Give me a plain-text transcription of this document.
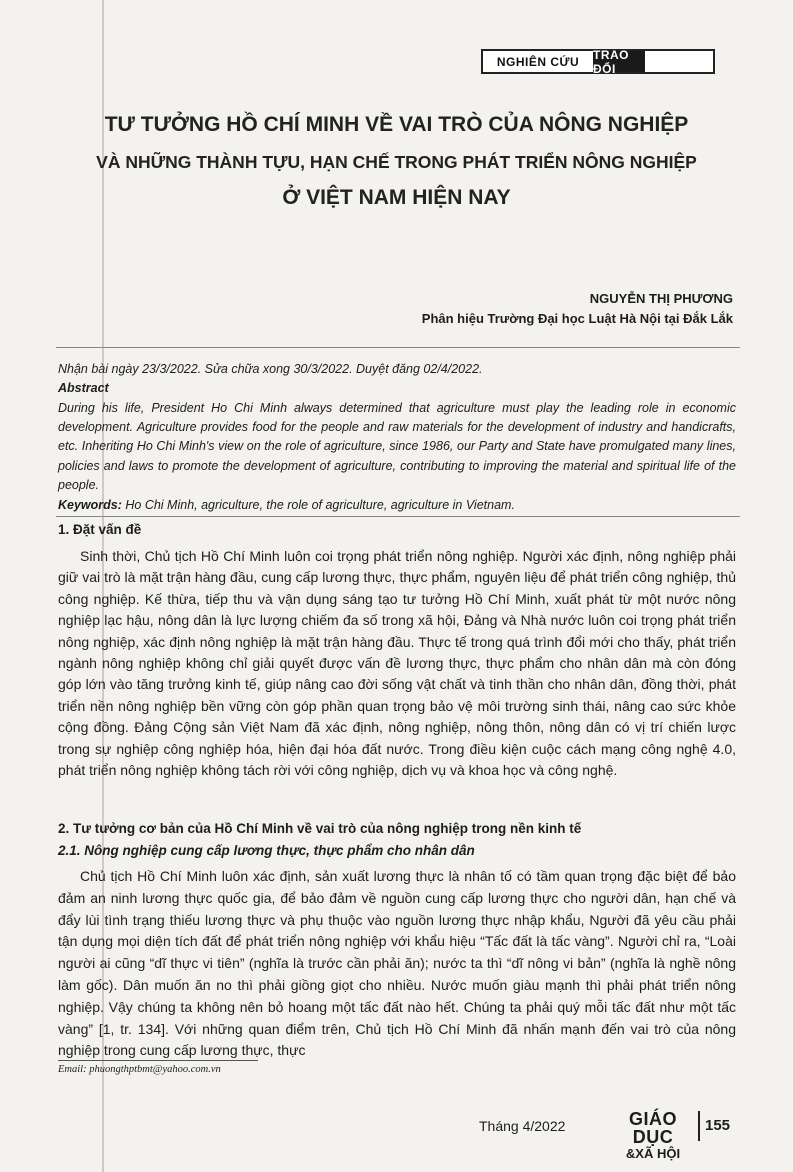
NGHIÊN CỨU	TRAO ĐỔI
TƯ TƯỞNG HỒ CHÍ MINH VỀ VAI TRÒ CỦA NÔNG NGHIỆP
VÀ NHỮNG THÀNH TỰU, HẠN CHẾ TRONG PHÁT TRIỂN NÔNG NGHIỆP
Ở VIỆT NAM HIỆN NAY
NGUYỄN THỊ PHƯƠNG
Phân hiệu Trường Đại học Luật Hà Nội tại Đắk Lắk
Nhận bài ngày 23/3/2022. Sửa chữa xong 30/3/2022. Duyệt đăng 02/4/2022.
Abstract

During his life, President Ho Chi Minh always determined that agriculture must play the leading role in economic development. Agriculture provides food for the people and raw materials for the development of industry and handicrafts, etc. Inheriting Ho Chi Minh's view on the role of agriculture, since 1986, our Party and State have promulgated many lines, policies and laws to promote the development of agriculture, contributing to improving the material and spiritual life of the people.

Keywords: Ho Chi Minh, agriculture, the role of agriculture, agriculture in Vietnam.
1. Đặt vấn đề

Sinh thời, Chủ tịch Hồ Chí Minh luôn coi trọng phát triển nông nghiệp. Người xác định, nông nghiệp phải giữ vai trò là mặt trận hàng đầu, cung cấp lương thực, thực phẩm, nguyên liệu để phát triển công nghiệp, thủ công nghiệp. Kế thừa, tiếp thu và vận dụng sáng tạo tư tưởng Hồ Chí Minh, xuất phát từ một nước nông nghiệp lạc hậu, nông dân là lực lượng chiếm đa số trong xã hội, Đảng và Nhà nước luôn coi trọng phát triển nông nghiệp, xác định nông nghiệp là mặt trận hàng đầu. Thực tế trong quá trình đổi mới cho thấy, phát triển ngành nông nghiệp không chỉ giải quyết được vấn đề lương thực, thực phẩm cho nhân dân mà còn đóng góp lớn vào tăng trưởng kinh tế, giúp nâng cao đời sống vật chất và tinh thần cho nhân dân, đồng thời, phát triển nền nông nghiệp bền vững còn góp phần quan trọng bảo vệ môi trường sinh thái, nâng cao sức khỏe cộng đồng. Đảng Cộng sản Việt Nam đã xác định, nông nghiệp, nông thôn, nông dân có vị trí chiến lược trong sự nghiệp công nghiệp hóa, hiện đại hóa đất nước. Trong điều kiện cuộc cách mạng công nghệ 4.0, phát triển nông nghiệp không tách rời với công nghiệp, dịch vụ và khoa học và công nghệ.

2. Tư tưởng cơ bản của Hồ Chí Minh về vai trò của nông nghiệp trong nền kinh tế
2.1. Nông nghiệp cung cấp lương thực, thực phẩm cho nhân dân

Chủ tịch Hồ Chí Minh luôn xác định, sản xuất lương thực là nhân tố có tầm quan trọng đặc biệt để bảo đảm an ninh lương thực quốc gia, để bảo đảm về nguồn cung cấp lương thực cho người dân, hạn chế và đẩy lùi tình trạng thiếu lương thực và phụ thuộc vào nguồn lương thực nhập khẩu, Người đã yêu cầu phải tận dụng mọi diện tích đất để phát triển nông nghiệp với khẩu hiệu “Tấc đất là tấc vàng”. Người chỉ ra, “Loài người ai cũng “dĩ thực vi tiên” (nghĩa là trước cần phải ăn); nước ta thì “dĩ nông vi bản” (nghĩa là nghề nông làm gốc). Dân muốn ăn no thì phải giồng giọt cho nhiều. Nước muốn giàu mạnh thì phải phát triển nông nghiệp. Vậy chúng ta không nên bỏ hoang một tấc đất nào hết. Chúng ta phải quý mỗi tấc đất như một tấc vàng” [1, tr. 134]. Với những quan điểm trên, Chủ tịch Hồ Chí Minh đã nhấn mạnh đến vai trò của nông nghiệp trong cung cấp lương thực, thực

Email: phuongthptbmt@yahoo.com.vn
Tháng 4/2022	GIÁO DỤC
&XÃ HỘI
155
